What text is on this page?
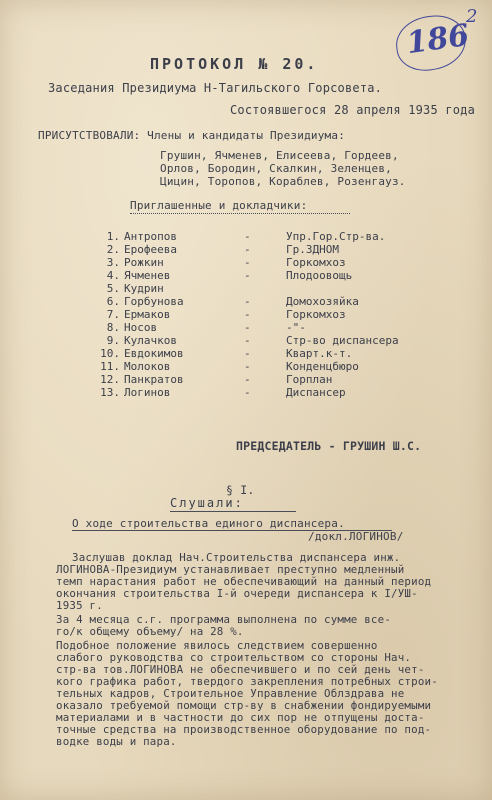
186
2
ПРОТОКОЛ № 20.
Заседания Президиума Н-Тагильского Горсовета.
Состоявшегося 28 апреля 1935 года
ПРИСУТСТВОВАЛИ: Члены и кандидаты Президиума:
Грушин, Ячменев, Елисеева, Гордеев,
Орлов, Бородин, Скалкин, Зеленцев,
Цицин, Торопов, Кораблев, Розенгауз.
Приглашенные и докладчики:
1. Антропов	-	Упр.Гор.Стр-ва.
2. Ерофеева	-	Гр.ЗДНОМ
3. Рожкин	-	Горкомхоз
4. Ячменев	-	Плодоовощь
5. Кудрин
6. Горбунова	-	Домохозяйка
7. Ермаков	-	Горкомхоз
8. Носов	-	-"-
9. Кулачков	-	Стр-во диспансера
10. Евдокимов	-	Кварт.к-т.
11. Молоков	-	Конденцбюро
12. Панкратов	-	Горплан
13. Логинов	-	Диспансер
ПРЕДСЕДАТЕЛЬ - ГРУШИН Ш.С.
§ I.
Слушали:
О ходе строительства единого диспансера.
/докл.ЛОГИНОВ/
Заслушав доклад Нач.Строительства диспансера инж.
ЛОГИНОВА-Президиум устанавливает преступно медленный
темп нарастания работ не обеспечивающий на данный период
окончания строительства I-й очереди диспансера к I/УШ-
1935 г.
За 4 месяца с.г. программа выполнена по сумме все-
го/к общему объему/ на 28 %.
Подобное положение явилось следствием совершенно
слабого руководства со строительством со стороны Нач.
стр-ва тов.ЛОГИНОВА не обеспечившего и по сей день чет-
кого графика работ, твердого закрепления потребных строи-
тельных кадров, Строительное Управление Облздрава не
оказало требуемой помощи стр-ву в снабжении фондируемыми
материалами и в частности до сих пор не отпущены доста-
точные средства на производственное оборудование по под-
водке воды и пара.
